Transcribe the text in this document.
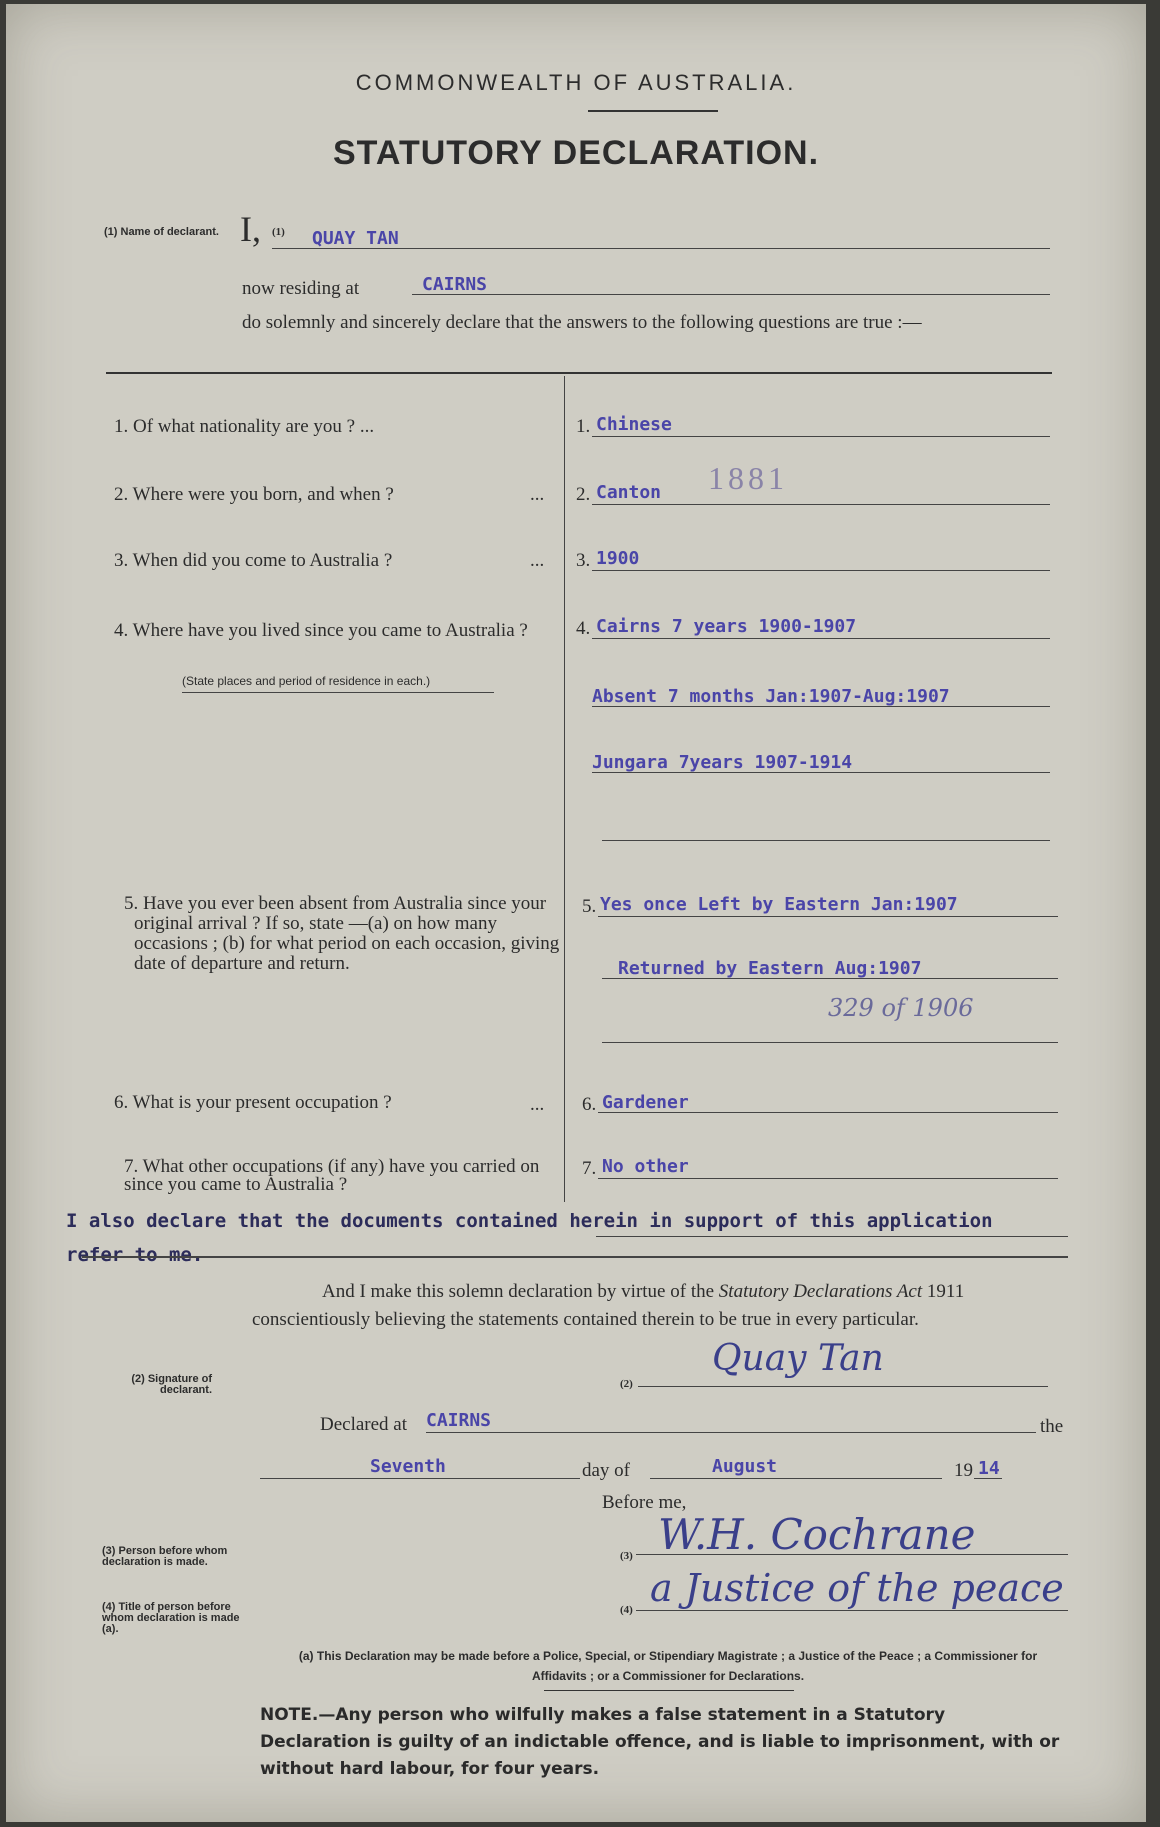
COMMONWEALTH OF AUSTRALIA.
STATUTORY DECLARATION.
(1) Name of declarant. I, (1) QUAY TAN
now residing at	CAIRNS
do solemnly and sincerely declare that the answers to the following questions are true :—
1. Of what nationality are you ? ...	1. Chinese
2. Where were you born, and when ?	... 2. Canton 1881
3. When did you come to Australia ?	... 3. 1900
4. Where have you lived since you came to Australia ?
(State places and period of residence in each.)
4. Cairns 7 years 1900-1907
Absent 7 months Jan:1907-Aug:1907
Jungara 7years 1907-1914
5. Have you ever been absent from Australia since your original arrival ? If so, state —(a) on how many occasions ; (b) for what period on each occasion, giving date of departure and return.
5. Yes once Left by Eastern Jan:1907
Returned by Eastern Aug:1907
329 of 1906
6. What is your present occupation ?	... 6. Gardener
7. What other occupations (if any) have you carried on since you came to Australia ?
7. No other
I also declare that the documents contained herein in support of this application refer to me.
And I make this solemn declaration by virtue of the Statutory Declarations Act 1911 conscientiously believing the statements contained therein to be true in every particular.
(2) Signature of declarant.	(2)
Quay Tan
Declared at CAIRNS	the
Seventh	day of	August	19 14
Before me,
(3) Person before whom declaration is made.	(3) W.H. Cochrane
(4) Title of person before whom declaration is made (a).
(4) a Justice of the peace
(a) This Declaration may be made before a Police, Special, or Stipendiary Magistrate ; a Justice of the Peace ; a Commissioner for Affidavits ; or a Commissioner for Declarations.
NOTE.—Any person who wilfully makes a false statement in a Statutory Declaration is guilty of an indictable offence, and is liable to imprisonment, with or without hard labour, for four years.
